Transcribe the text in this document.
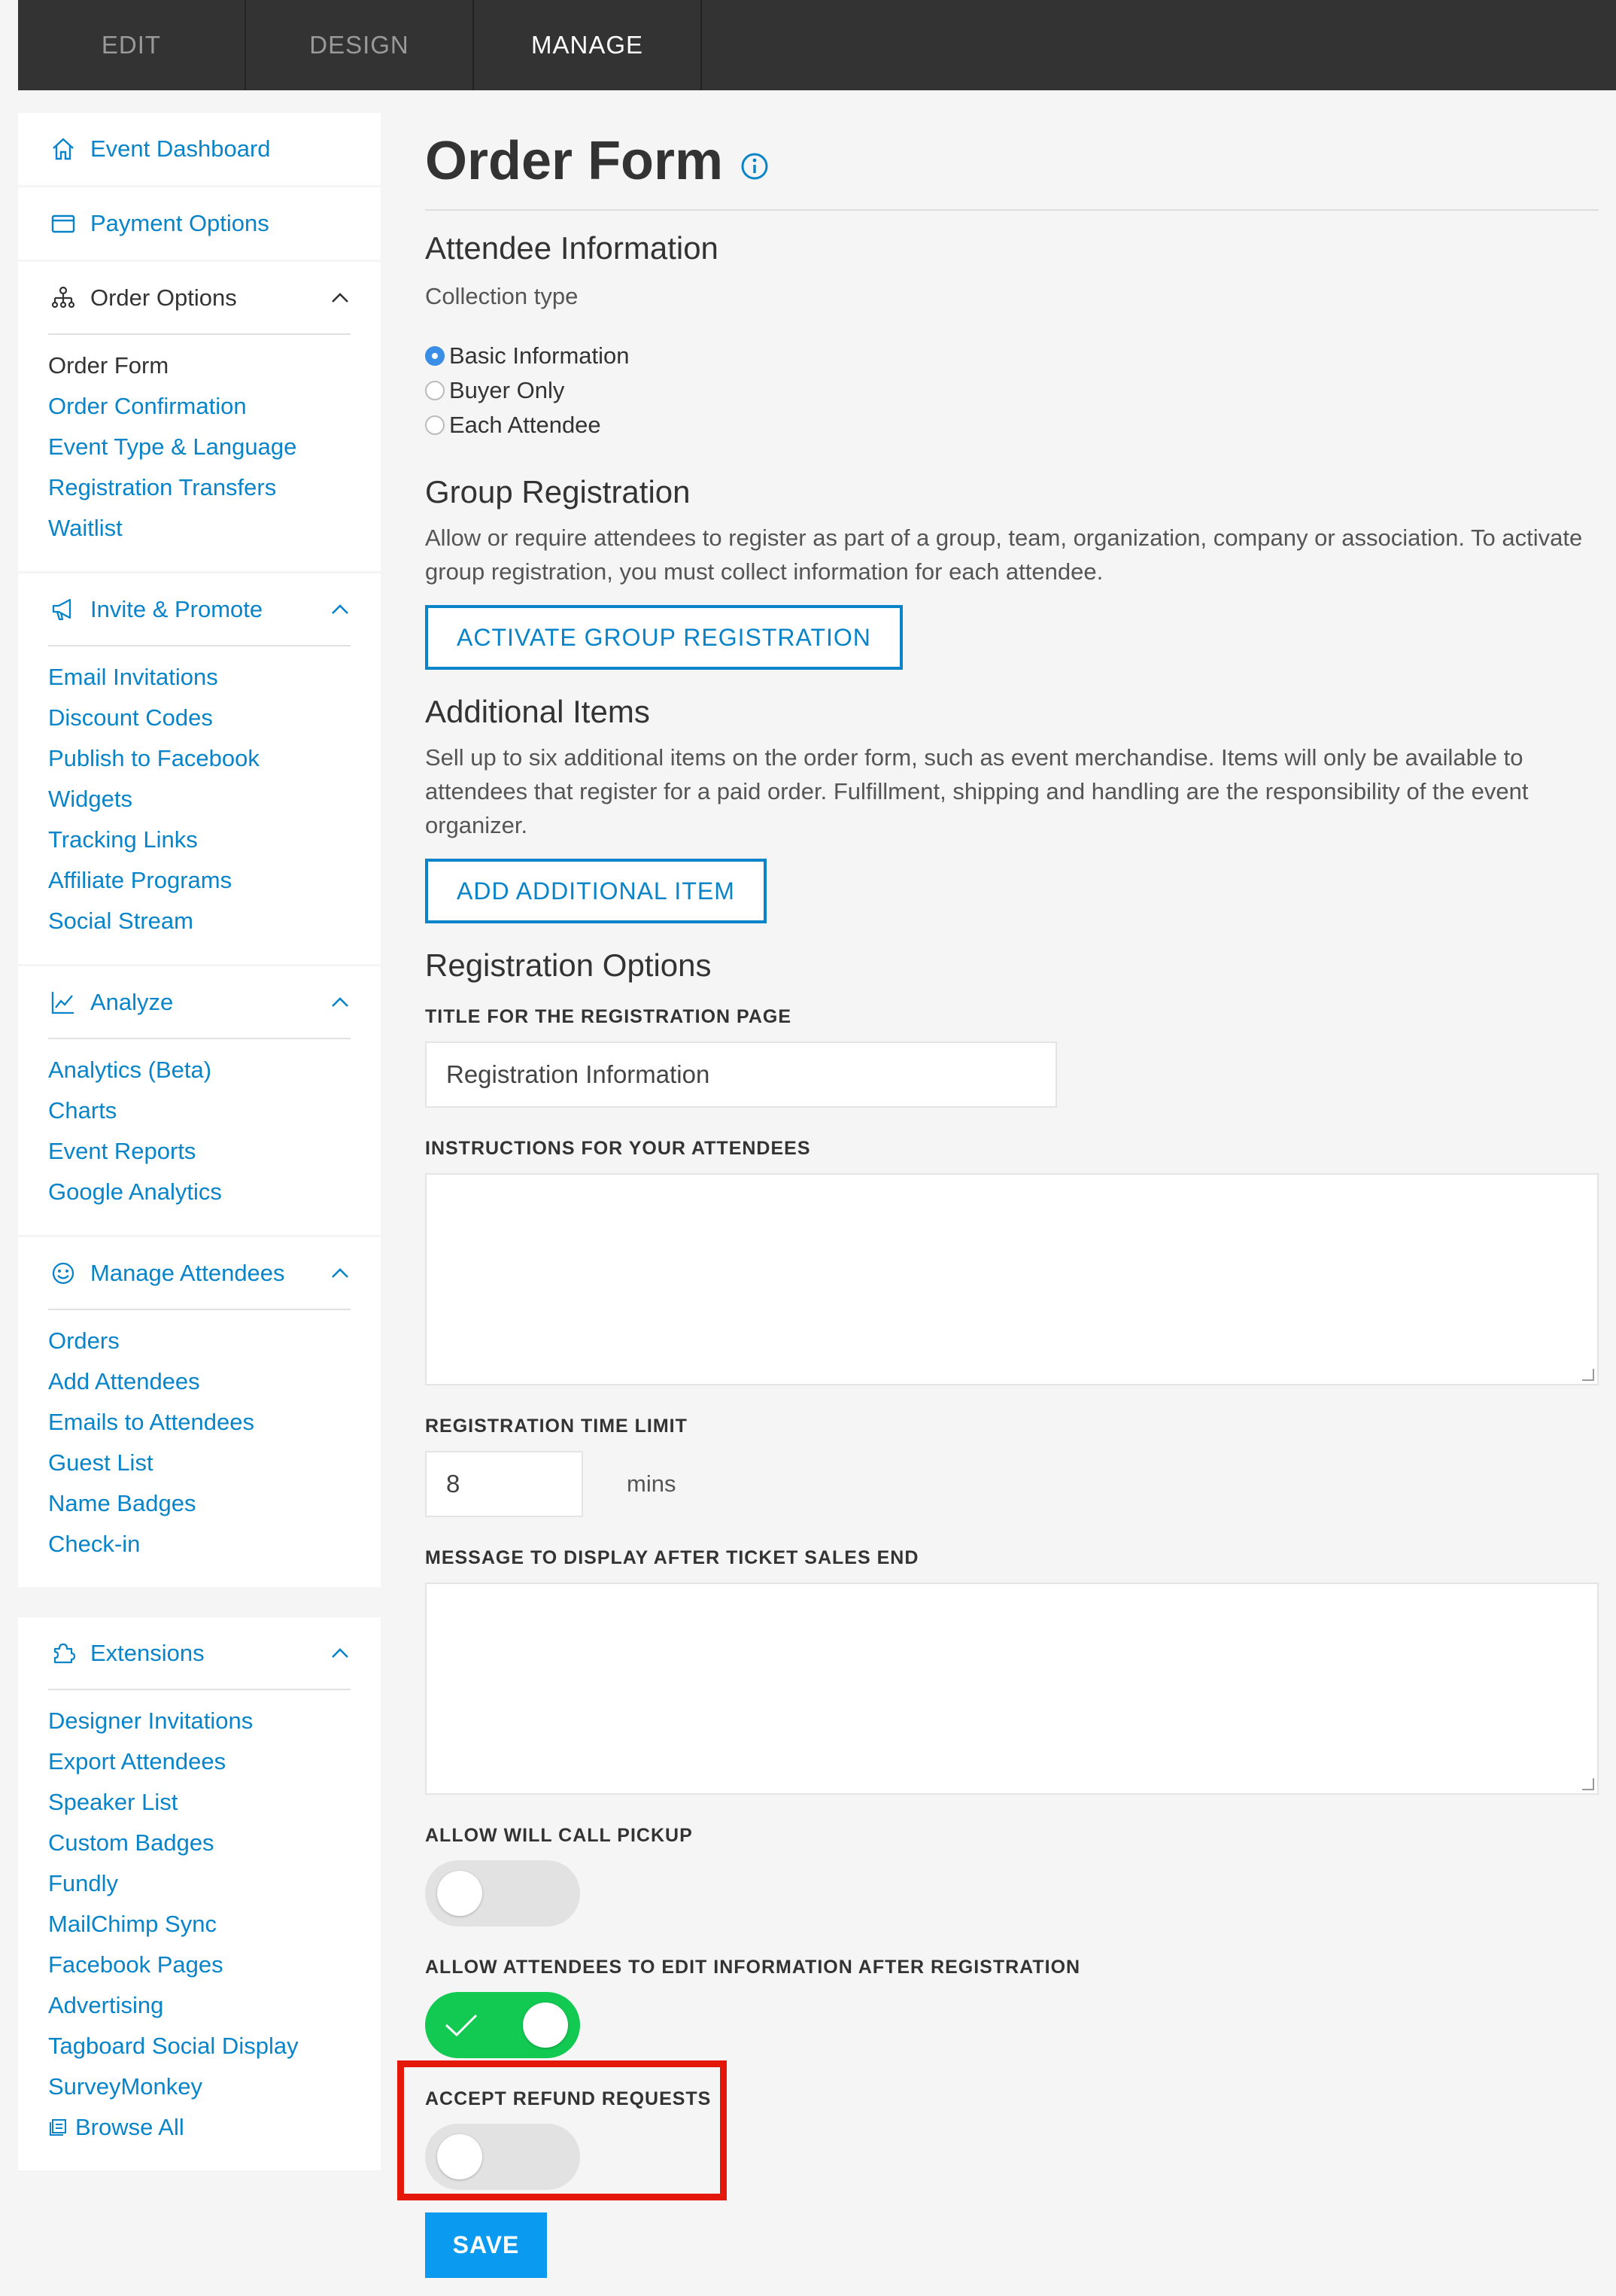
EDIT	DESIGN	MANAGE
Event Dashboard
Payment Options
Order Options
Order Form
Order Confirmation
Event Type & Language
Registration Transfers
Waitlist
Invite & Promote
Email Invitations
Discount Codes
Publish to Facebook
Widgets
Tracking Links
Affiliate Programs
Social Stream
Analyze
Analytics (Beta)
Charts
Event Reports
Google Analytics
Manage Attendees
Orders
Add Attendees
Emails to Attendees
Guest List
Name Badges
Check-in
Extensions
Designer Invitations
Export Attendees
Speaker List
Custom Badges
Fundly
MailChimp Sync
Facebook Pages
Advertising
Tagboard Social Display
SurveyMonkey
Browse All
Order Form
Attendee Information
Collection type
Basic Information
Buyer Only
Each Attendee
Group Registration
Allow or require attendees to register as part of a group, team, organization, company or association. To activate group registration, you must collect information for each attendee.
ACTIVATE GROUP REGISTRATION
Additional Items
Sell up to six additional items on the order form, such as event merchandise. Items will only be available to attendees that register for a paid order. Fulfillment, shipping and handling are the responsibility of the event organizer.
ADD ADDITIONAL ITEM
Registration Options
TITLE FOR THE REGISTRATION PAGE
Registration Information
INSTRUCTIONS FOR YOUR ATTENDEES
REGISTRATION TIME LIMIT
8	mins
MESSAGE TO DISPLAY AFTER TICKET SALES END
ALLOW WILL CALL PICKUP
ALLOW ATTENDEES TO EDIT INFORMATION AFTER REGISTRATION
ACCEPT REFUND REQUESTS
SAVE
